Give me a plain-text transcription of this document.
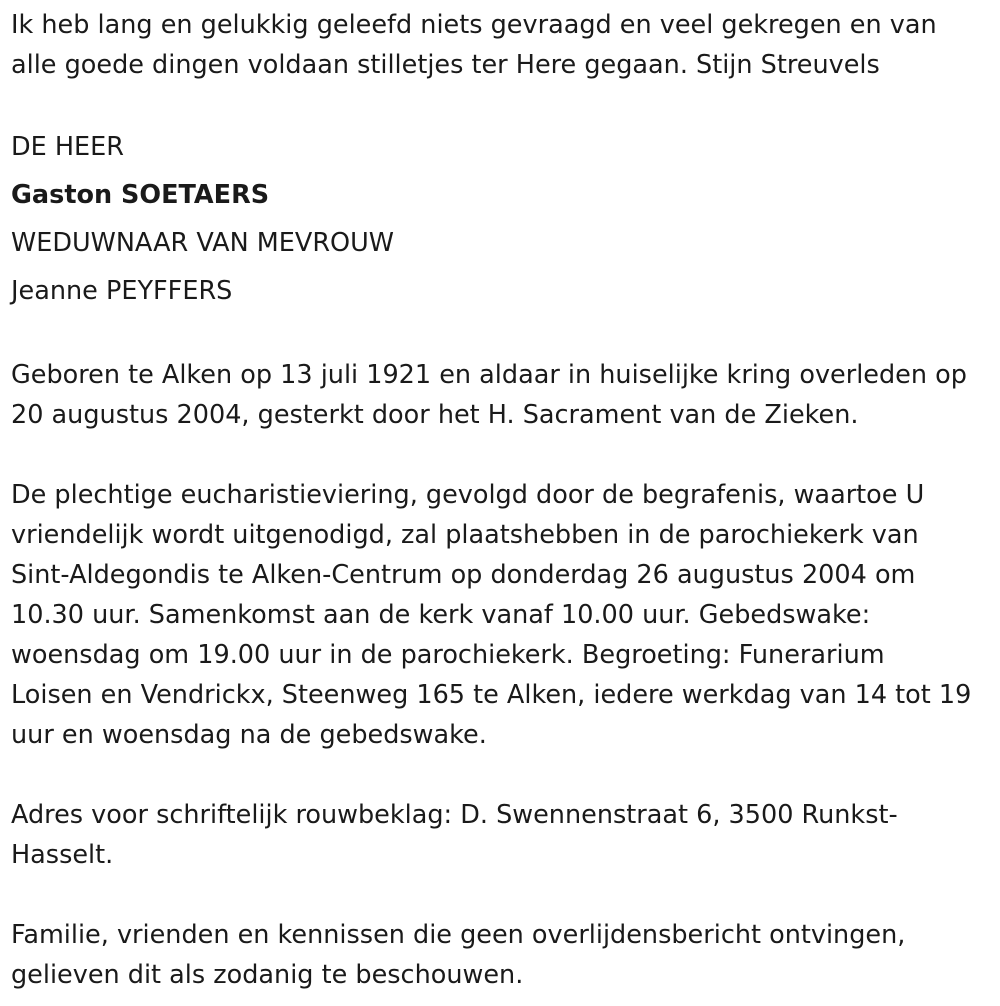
Ik heb lang en gelukkig geleefd niets gevraagd en veel gekregen en van

alle goede dingen voldaan stilletjes ter Here gegaan. Stijn Streuvels

DE HEER

Gaston SOETAERS

WEDUWNAAR VAN MEVROUW

Jeanne PEYFFERS

Geboren te Alken op 13 juli 1921 en aldaar in huiselijke kring overleden op

20 augustus 2004, gesterkt door het H. Sacrament van de Zieken.

De plechtige eucharistieviering, gevolgd door de begrafenis, waartoe U

vriendelijk wordt uitgenodigd, zal plaatshebben in de parochiekerk van

Sint-Aldegondis te Alken-Centrum op donderdag 26 augustus 2004 om

10.30 uur. Samenkomst aan de kerk vanaf 10.00 uur. Gebedswake:

woensdag om 19.00 uur in de parochiekerk. Begroeting: Funerarium

Loisen en Vendrickx, Steenweg 165 te Alken, iedere werkdag van 14 tot 19

uur en woensdag na de gebedswake.

Adres voor schriftelijk rouwbeklag: D. Swennenstraat 6, 3500 Runkst-

Hasselt.

Familie, vrienden en kennissen die geen overlijdensbericht ontvingen,

gelieven dit als zodanig te beschouwen.
